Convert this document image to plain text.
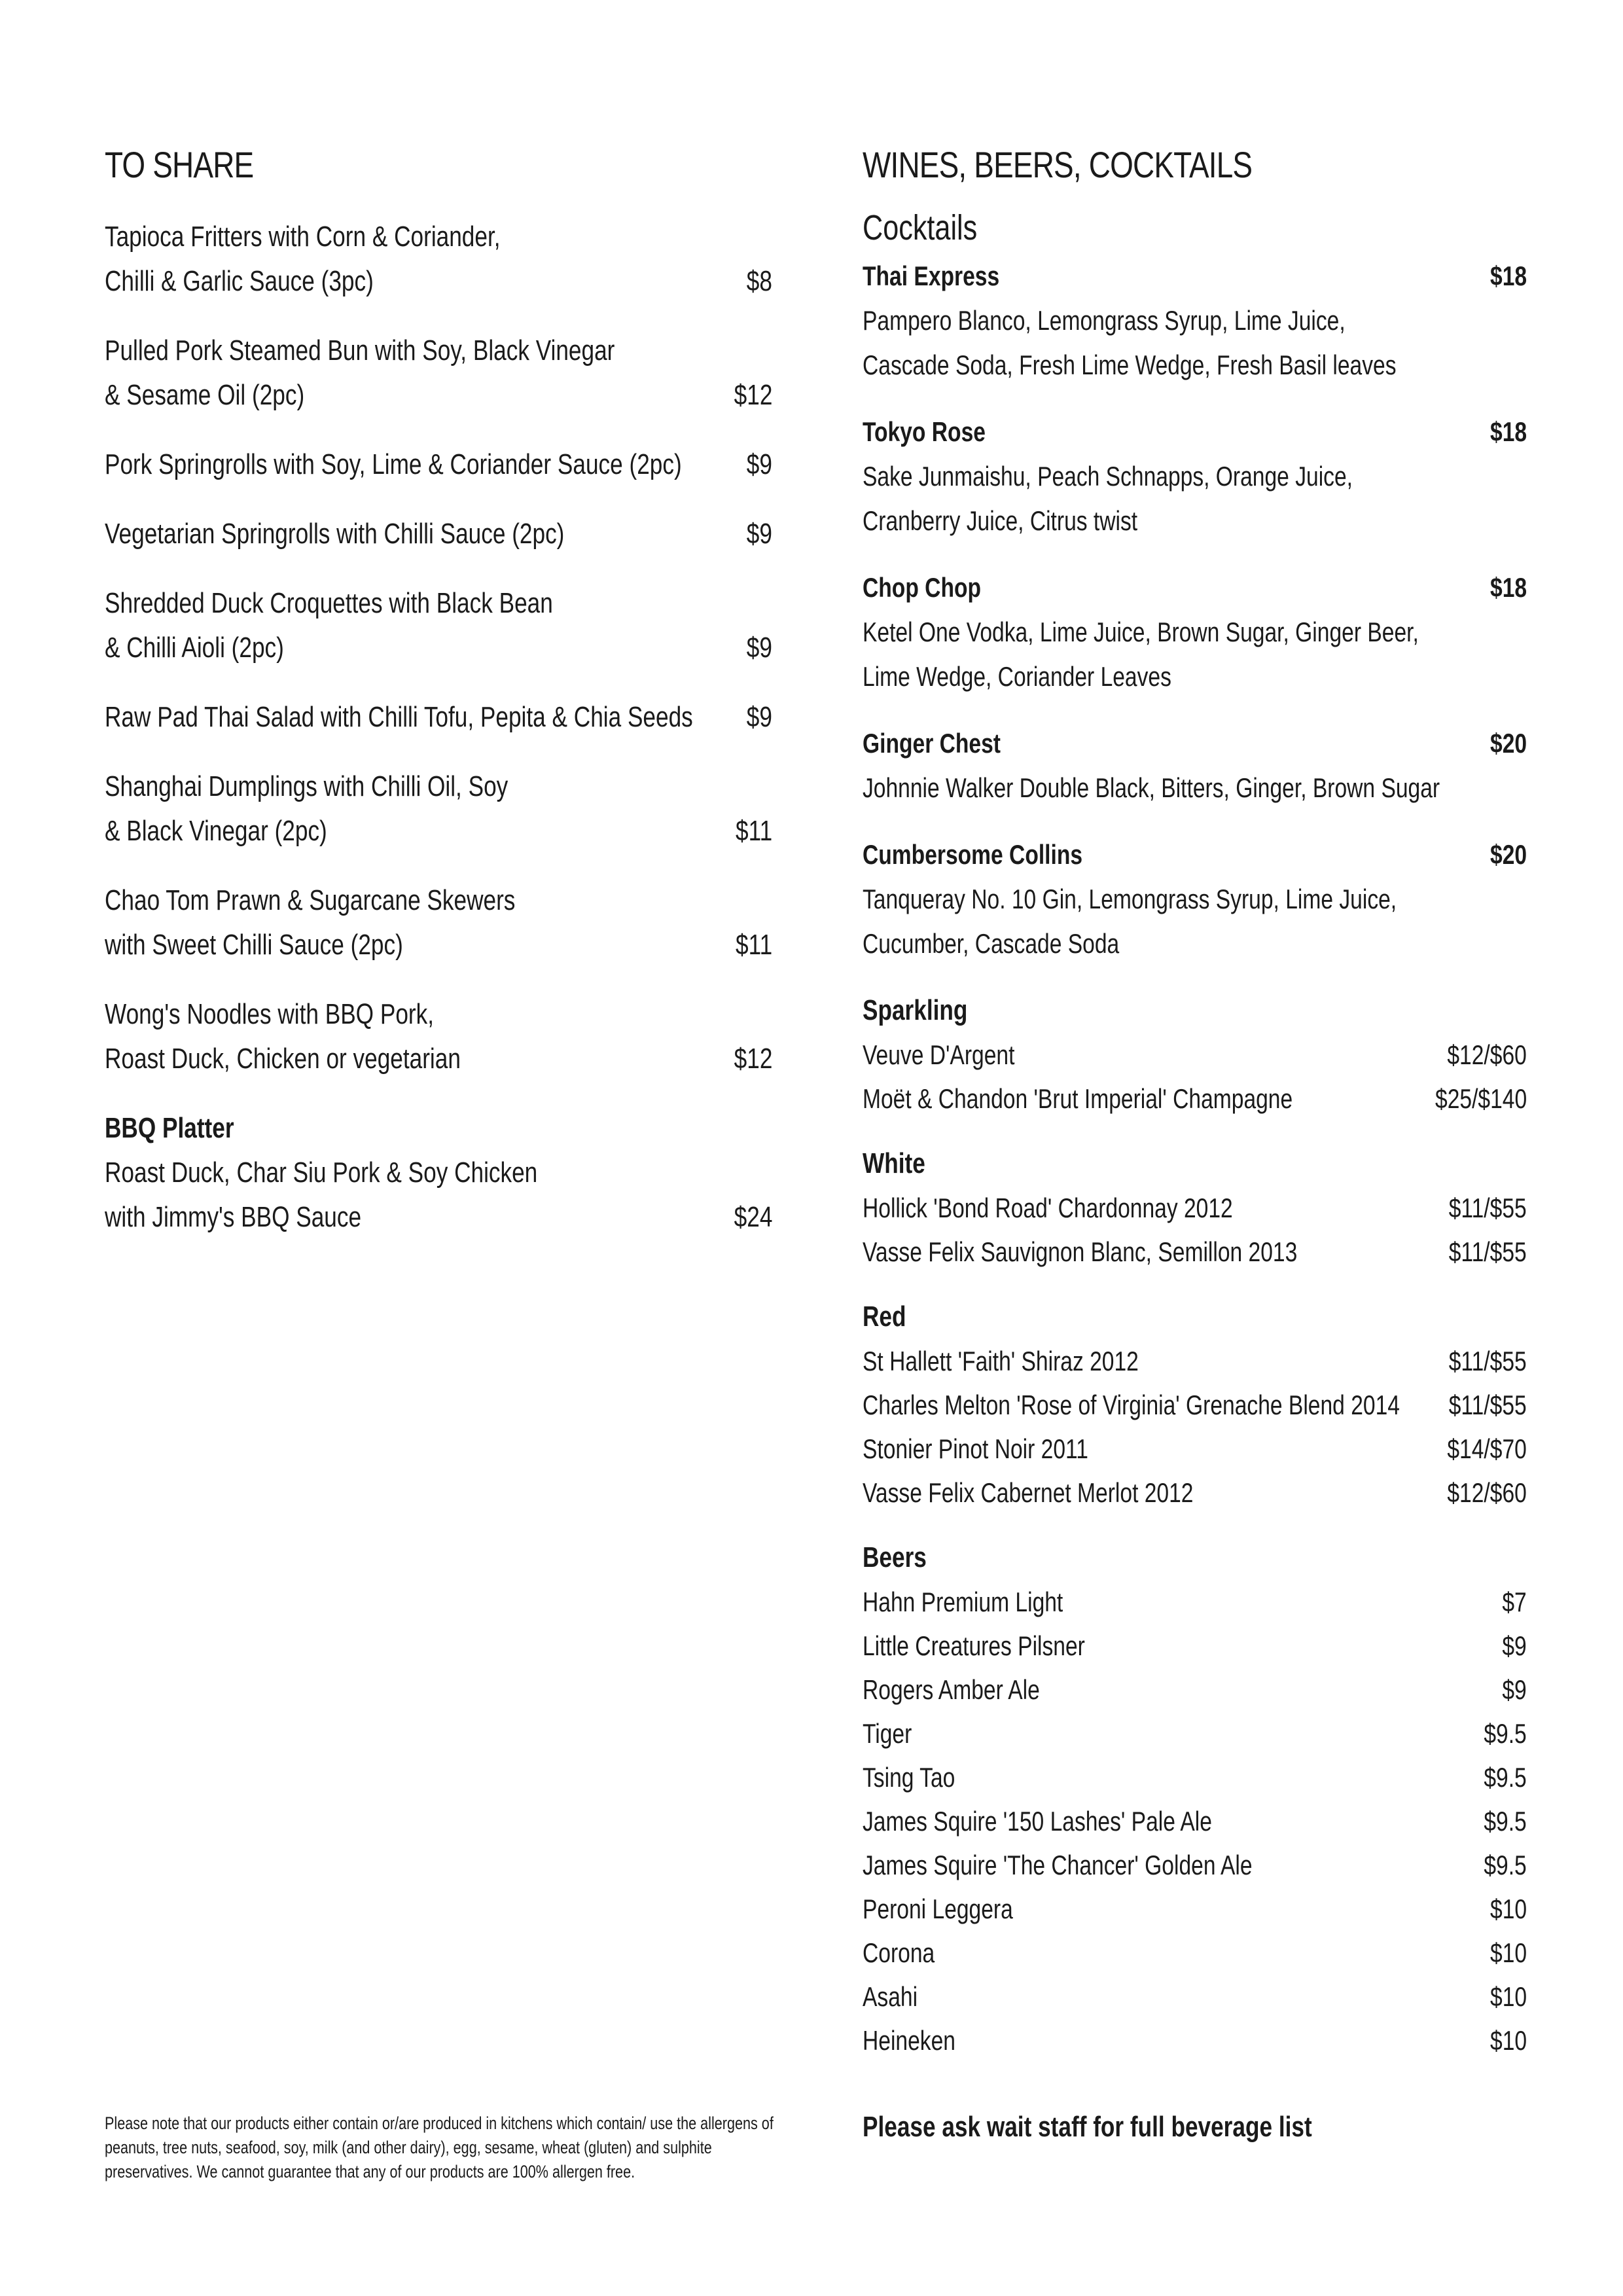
TO SHARE
Tapioca Fritters with Corn & Coriander,
Chilli & Garlic Sauce (3pc)	$8
Pulled Pork Steamed Bun with Soy, Black Vinegar
& Sesame Oil (2pc)	$12
Pork Springrolls with Soy, Lime & Coriander Sauce (2pc)	$9
Vegetarian Springrolls with Chilli Sauce (2pc)	$9
Shredded Duck Croquettes with Black Bean
& Chilli Aioli (2pc)	$9
Raw Pad Thai Salad with Chilli Tofu, Pepita & Chia Seeds	$9
Shanghai Dumplings with Chilli Oil, Soy
& Black Vinegar (2pc)	$11
Chao Tom Prawn & Sugarcane Skewers
with Sweet Chilli Sauce (2pc)	$11
Wong's Noodles with BBQ Pork,
Roast Duck, Chicken or vegetarian	$12
BBQ Platter
Roast Duck, Char Siu Pork & Soy Chicken
with Jimmy's BBQ Sauce	$24
WINES, BEERS, COCKTAILS
Cocktails
Thai Express	$18
Pampero Blanco, Lemongrass Syrup, Lime Juice,
Cascade Soda, Fresh Lime Wedge, Fresh Basil leaves
Tokyo Rose	$18
Sake Junmaishu, Peach Schnapps, Orange Juice,
Cranberry Juice, Citrus twist
Chop Chop	$18
Ketel One Vodka, Lime Juice, Brown Sugar, Ginger Beer,
Lime Wedge, Coriander Leaves
Ginger Chest	$20
Johnnie Walker Double Black, Bitters, Ginger, Brown Sugar
Cumbersome Collins	$20
Tanqueray No. 10 Gin, Lemongrass Syrup, Lime Juice,
Cucumber, Cascade Soda
Sparkling
Veuve D'Argent	$12/$60
Moët & Chandon 'Brut Imperial' Champagne	$25/$140
White
Hollick 'Bond Road' Chardonnay 2012	$11/$55
Vasse Felix Sauvignon Blanc, Semillon 2013	$11/$55
Red
St Hallett 'Faith' Shiraz 2012	$11/$55
Charles Melton 'Rose of Virginia' Grenache Blend 2014	$11/$55
Stonier Pinot Noir 2011	$14/$70
Vasse Felix Cabernet Merlot 2012	$12/$60
Beers
Hahn Premium Light	$7
Little Creatures Pilsner	$9
Rogers Amber Ale	$9
Tiger	$9.5
Tsing Tao	$9.5
James Squire '150 Lashes' Pale Ale	$9.5
James Squire 'The Chancer' Golden Ale	$9.5
Peroni Leggera	$10
Corona	$10
Asahi	$10
Heineken	$10
Please note that our products either contain or/are produced in kitchens which contain/ use the allergens of peanuts, tree nuts, seafood, soy, milk (and other dairy), egg, sesame, wheat (gluten) and sulphite preservatives. We cannot guarantee that any of our products are 100% allergen free.
Please ask wait staff for full beverage list
